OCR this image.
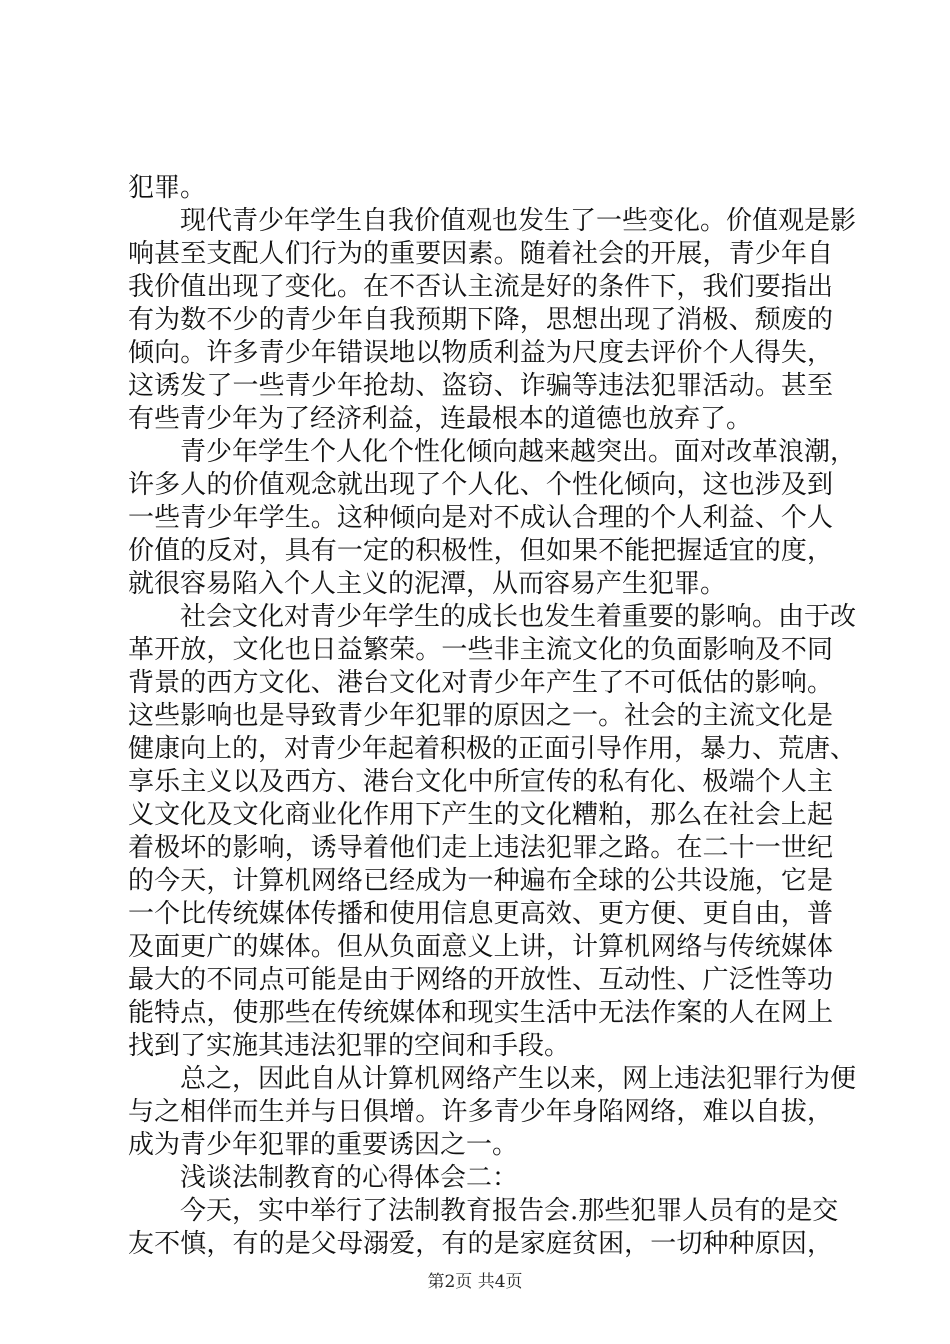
犯罪。
现代青少年学生自我价值观也发生了一些变化。价值观是影
响甚至支配人们行为的重要因素。随着社会的开展，青少年自
我价值出现了变化。在不否认主流是好的条件下，我们要指出
有为数不少的青少年自我预期下降，思想出现了消极、颓废的
倾向。许多青少年错误地以物质利益为尺度去评价个人得失，
这诱发了一些青少年抢劫、盗窃、诈骗等违法犯罪活动。甚至
有些青少年为了经济利益，连最根本的道德也放弃了。
青少年学生个人化个性化倾向越来越突出。面对改革浪潮，
许多人的价值观念就出现了个人化、个性化倾向，这也涉及到
一些青少年学生。这种倾向是对不成认合理的个人利益、个人
价值的反对，具有一定的积极性，但如果不能把握适宜的度，
就很容易陷入个人主义的泥潭，从而容易产生犯罪。
社会文化对青少年学生的成长也发生着重要的影响。由于改
革开放，文化也日益繁荣。一些非主流文化的负面影响及不同
背景的西方文化、港台文化对青少年产生了不可低估的影响。
这些影响也是导致青少年犯罪的原因之一。社会的主流文化是
健康向上的，对青少年起着积极的正面引导作用，暴力、荒唐、
享乐主义以及西方、港台文化中所宣传的私有化、极端个人主
义文化及文化商业化作用下产生的文化糟粕，那么在社会上起
着极坏的影响，诱导着他们走上违法犯罪之路。在二十一世纪
的今天，计算机网络已经成为一种遍布全球的公共设施，它是
一个比传统媒体传播和使用信息更高效、更方便、更自由，普
及面更广的媒体。但从负面意义上讲，计算机网络与传统媒体
最大的不同点可能是由于网络的开放性、互动性、广泛性等功
能特点，使那些在传统媒体和现实生活中无法作案的人在网上
找到了实施其违法犯罪的空间和手段。
总之，因此自从计算机网络产生以来，网上违法犯罪行为便
与之相伴而生并与日俱增。许多青少年身陷网络，难以自拔，
成为青少年犯罪的重要诱因之一。
浅谈法制教育的心得体会二：
今天，实中举行了法制教育报告会.那些犯罪人员有的是交
友不慎，有的是父母溺爱，有的是家庭贫困，一切种种原因，
第2页 共4页
